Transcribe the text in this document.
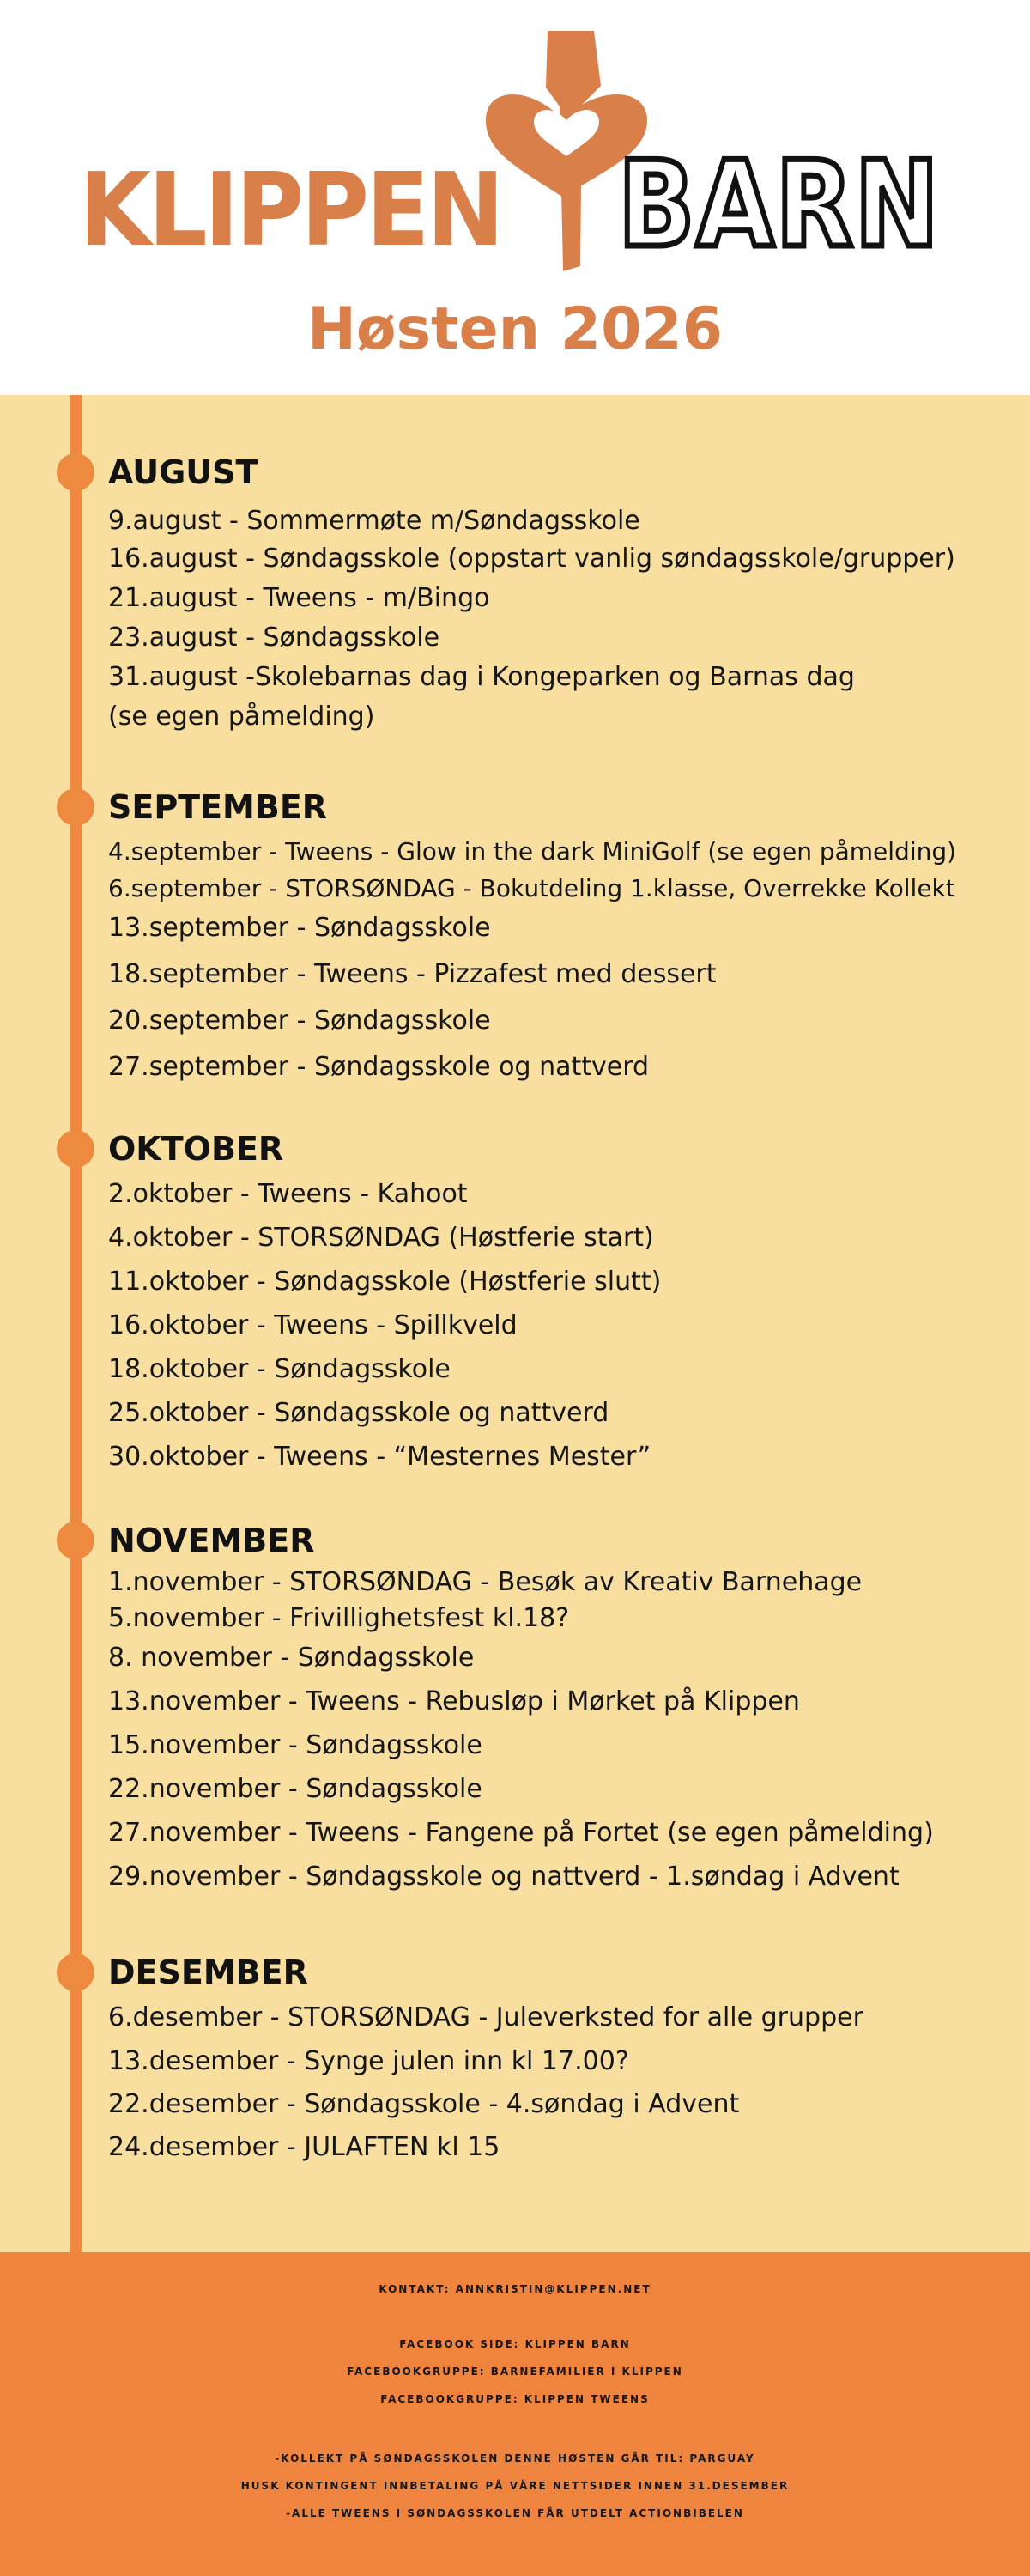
KLIPPEN BARN
Høsten 2026
AUGUST
9.august - Sommermøte m/Søndagsskole
16.august - Søndagsskole (oppstart vanlig søndagsskole/grupper)
21.august - Tweens - m/Bingo
23.august - Søndagsskole
31.august -Skolebarnas dag i Kongeparken og Barnas dag
(se egen påmelding)
SEPTEMBER
4.september - Tweens - Glow in the dark MiniGolf (se egen påmelding)
6.september - STORSØNDAG - Bokutdeling 1.klasse, Overrekke Kollekt
13.september - Søndagsskole
18.september - Tweens - Pizzafest med dessert
20.september - Søndagsskole
27.september - Søndagsskole og nattverd
OKTOBER
2.oktober - Tweens - Kahoot
4.oktober - STORSØNDAG (Høstferie start)
11.oktober - Søndagsskole (Høstferie slutt)
16.oktober - Tweens - Spillkveld
18.oktober - Søndagsskole
25.oktober - Søndagsskole og nattverd
30.oktober - Tweens - “Mesternes Mester”
NOVEMBER
1.november - STORSØNDAG - Besøk av Kreativ Barnehage
5.november - Frivillighetsfest kl.18?
8. november - Søndagsskole
13.november - Tweens - Rebusløp i Mørket på Klippen
15.november - Søndagsskole
22.november - Søndagsskole
27.november - Tweens - Fangene på Fortet (se egen påmelding)
29.november - Søndagsskole og nattverd - 1.søndag i Advent
DESEMBER
6.desember - STORSØNDAG - Juleverksted for alle grupper
13.desember - Synge julen inn kl 17.00?
22.desember - Søndagsskole - 4.søndag i Advent
24.desember - JULAFTEN kl 15
KONTAKT: ANNKRISTIN@KLIPPEN.NET
FACEBOOK SIDE: KLIPPEN BARN
FACEBOOKGRUPPE: BARNEFAMILIER I KLIPPEN
FACEBOOKGRUPPE: KLIPPEN TWEENS
-KOLLEKT PÅ SØNDAGSSKOLEN DENNE HØSTEN GÅR TIL: PARGUAY
HUSK KONTINGENT INNBETALING PÅ VÅRE NETTSIDER INNEN 31.DESEMBER
-ALLE TWEENS I SØNDAGSSKOLEN FÅR UTDELT ACTIONBIBELEN
